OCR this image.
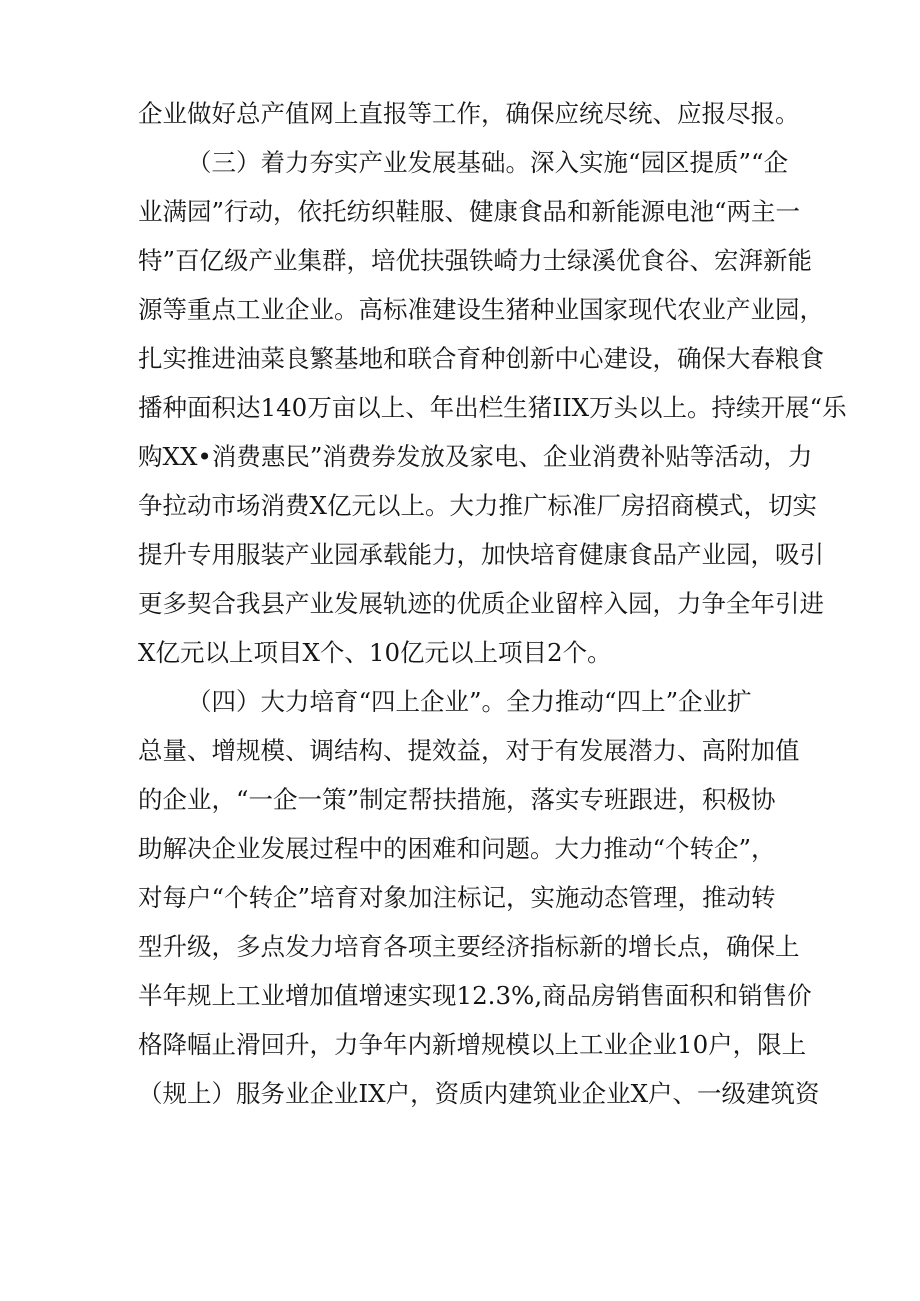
企业做好总产值网上直报等工作，确保应统尽统、应报尽报。
（三）着力夯实产业发展基础。深入实施“园区提质”“企
业满园”行动，依托纺织鞋服、健康食品和新能源电池“两主一
特”百亿级产业集群，培优扶强铁崎力士绿溪优食谷、宏湃新能
源等重点工业企业。高标准建设生猪种业国家现代农业产业园，
扎实推进油菜良繁基地和联合育种创新中心建设，确保大春粮食
播种面积达140万亩以上、年出栏生猪IIX万头以上。持续开展“乐
购XX•消费惠民”消费券发放及家电、企业消费补贴等活动，力
争拉动市场消费X亿元以上。大力推广标准厂房招商模式，切实
提升专用服装产业园承载能力，加快培育健康食品产业园，吸引
更多契合我县产业发展轨迹的优质企业留梓入园，力争全年引进
X亿元以上项目X个、10亿元以上项目2个。
（四）大力培育“四上企业”。全力推动“四上”企业扩
总量、增规模、调结构、提效益，对于有发展潜力、高附加值
的企业，“一企一策”制定帮扶措施，落实专班跟进，积极协
助解决企业发展过程中的困难和问题。大力推动“个转企”，
对每户“个转企”培育对象加注标记，实施动态管理，推动转
型升级，多点发力培育各项主要经济指标新的增长点，确保上
半年规上工业增加值增速实现12.3%,商品房销售面积和销售价
格降幅止滑回升，力争年内新增规模以上工业企业10户，限上
（规上）服务业企业IX户，资质内建筑业企业X户、一级建筑资
